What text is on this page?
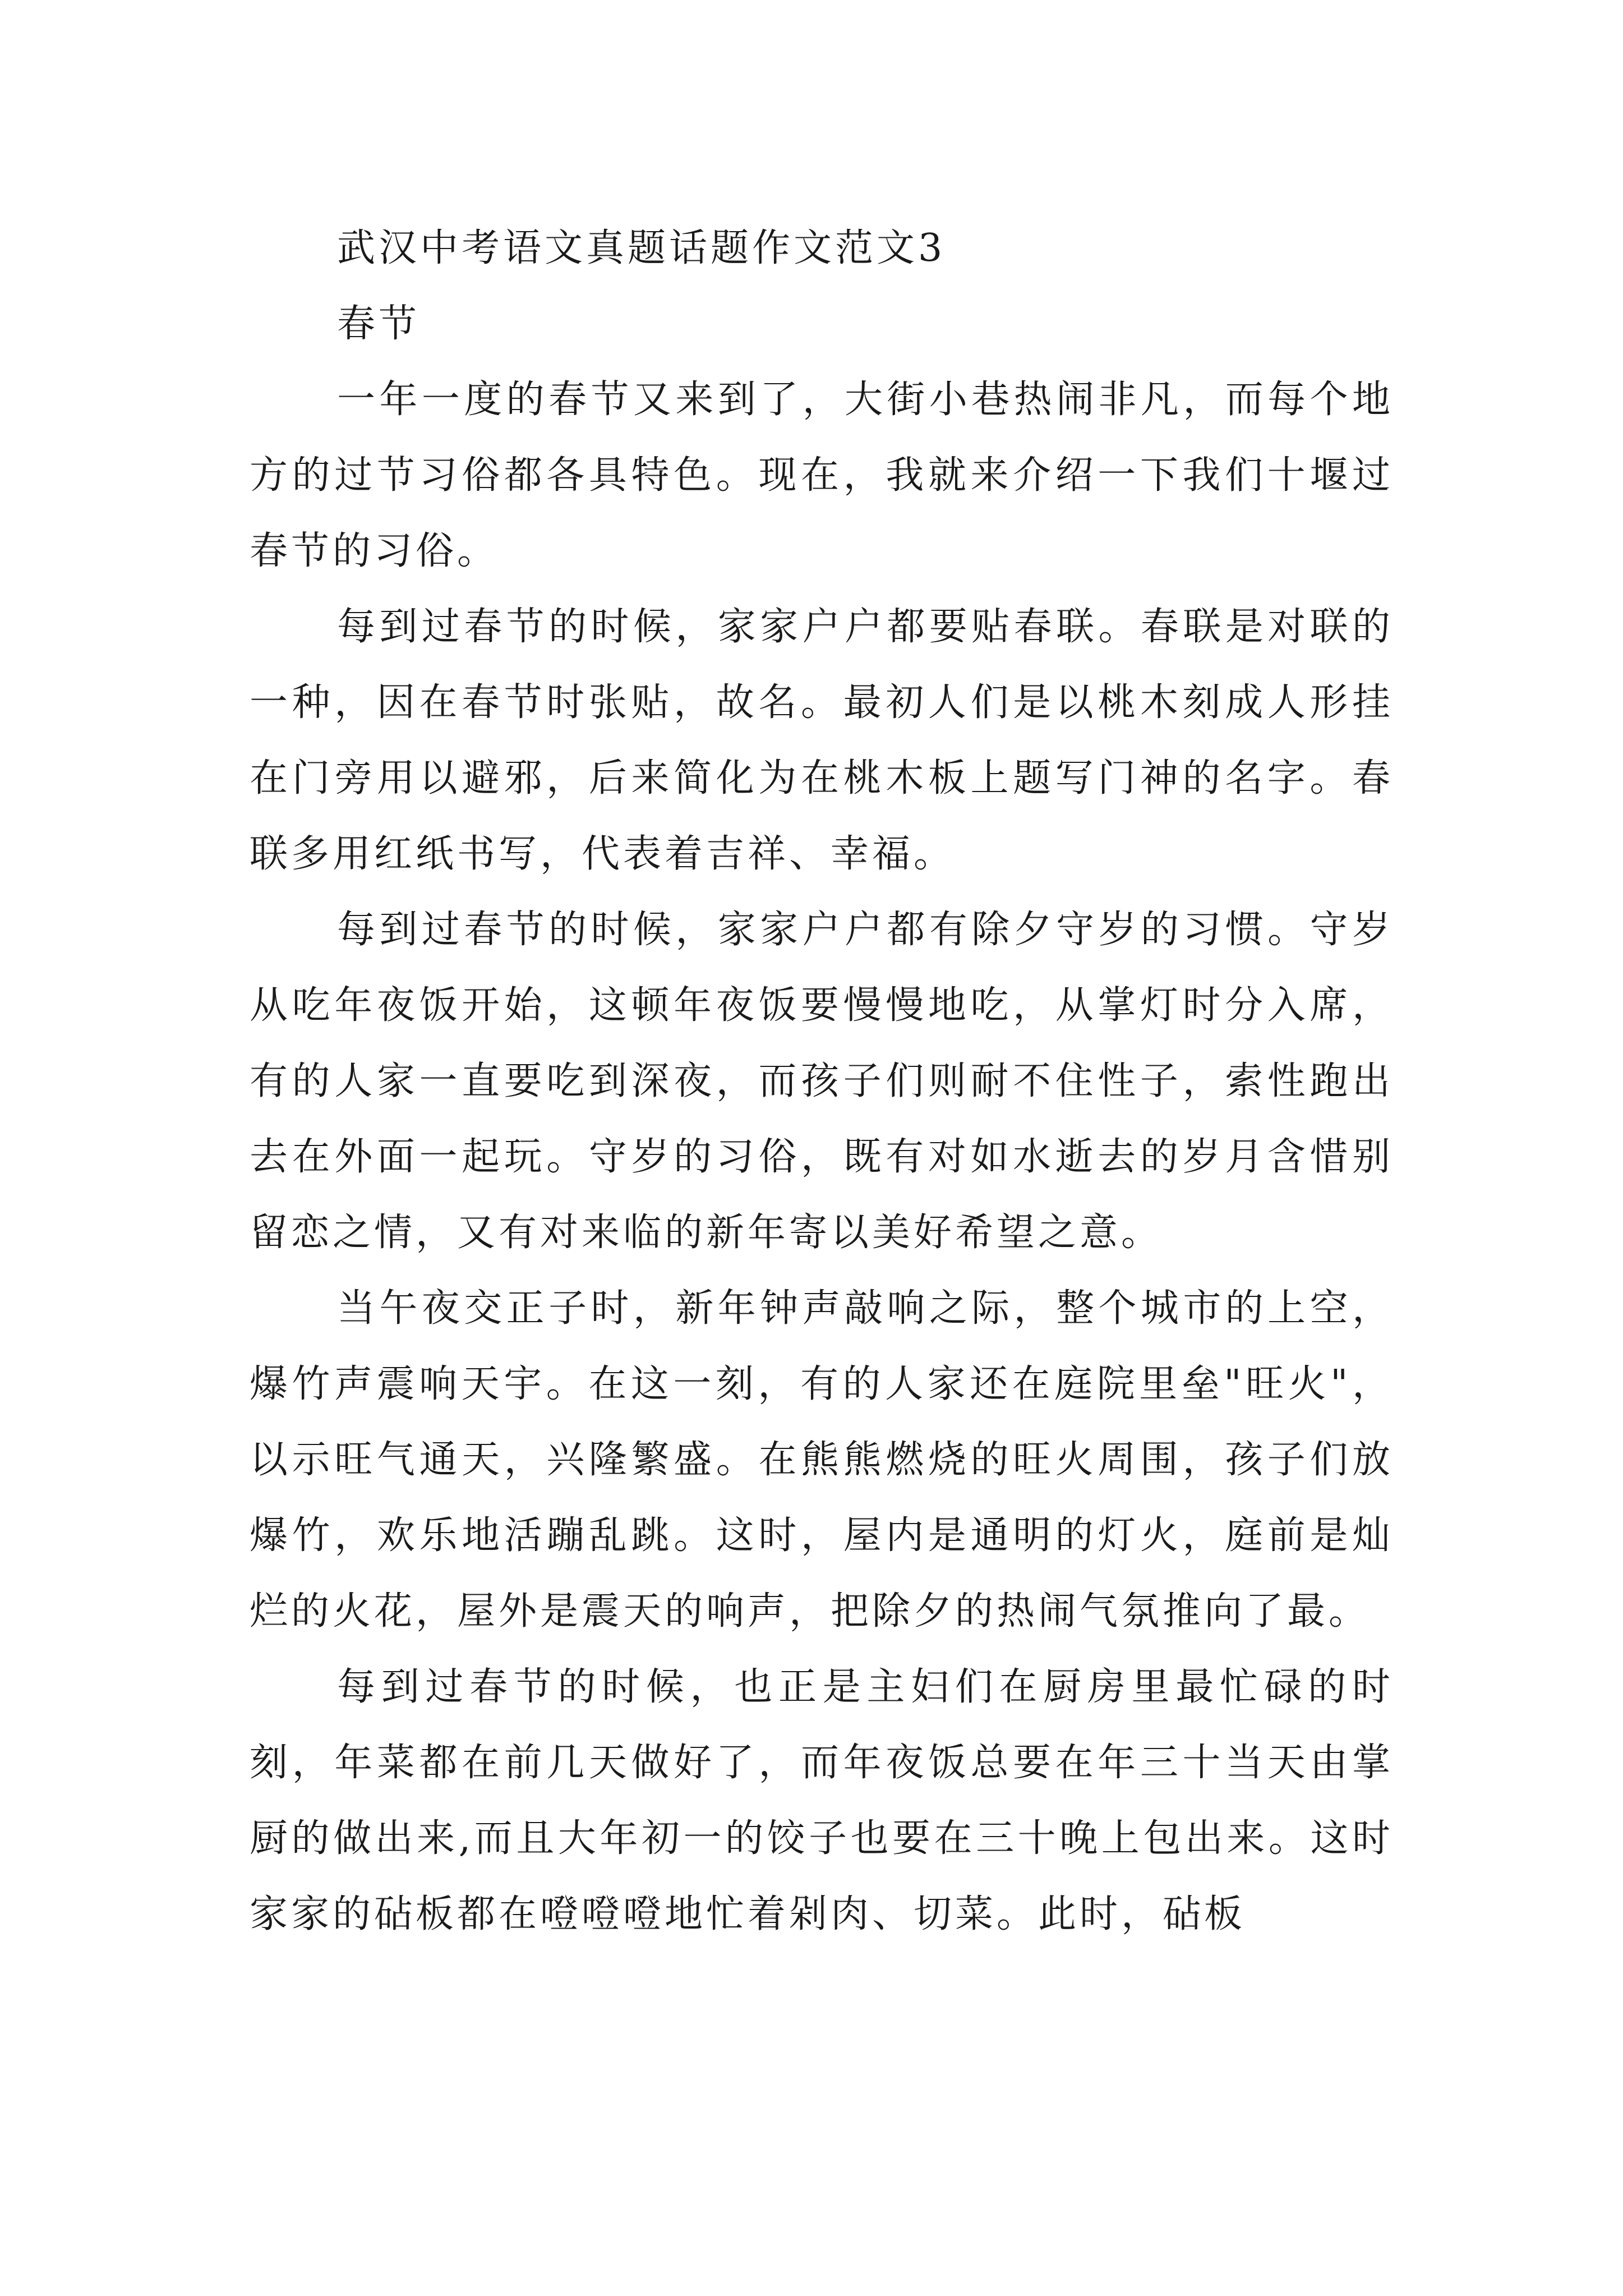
武汉中考语文真题话题作文范文3

春节

一年一度的春节又来到了，大街小巷热闹非凡，而每个地方的过节习俗都各具特色。现在，我就来介绍一下我们十堰过春节的习俗。

每到过春节的时候，家家户户都要贴春联。春联是对联的一种，因在春节时张贴，故名。最初人们是以桃木刻成人形挂在门旁用以避邪，后来简化为在桃木板上题写门神的名字。春联多用红纸书写，代表着吉祥、幸福。

每到过春节的时候，家家户户都有除夕守岁的习惯。守岁从吃年夜饭开始，这顿年夜饭要慢慢地吃，从掌灯时分入席，有的人家一直要吃到深夜，而孩子们则耐不住性子，索性跑出去在外面一起玩。守岁的习俗，既有对如水逝去的岁月含惜别留恋之情，又有对来临的新年寄以美好希望之意。

当午夜交正子时，新年钟声敲响之际，整个城市的上空，爆竹声震响天宇。在这一刻，有的人家还在庭院里垒"旺火"，以示旺气通天，兴隆繁盛。在熊熊燃烧的旺火周围，孩子们放爆竹，欢乐地活蹦乱跳。这时，屋内是通明的灯火，庭前是灿烂的火花，屋外是震天的响声，把除夕的热闹气氛推向了最。

每到过春节的时候，也正是主妇们在厨房里最忙碌的时刻，年菜都在前几天做好了，而年夜饭总要在年三十当天由掌厨的做出来,而且大年初一的饺子也要在三十晚上包出来。这时家家的砧板都在噔噔噔地忙着剁肉、切菜。此时，砧板
